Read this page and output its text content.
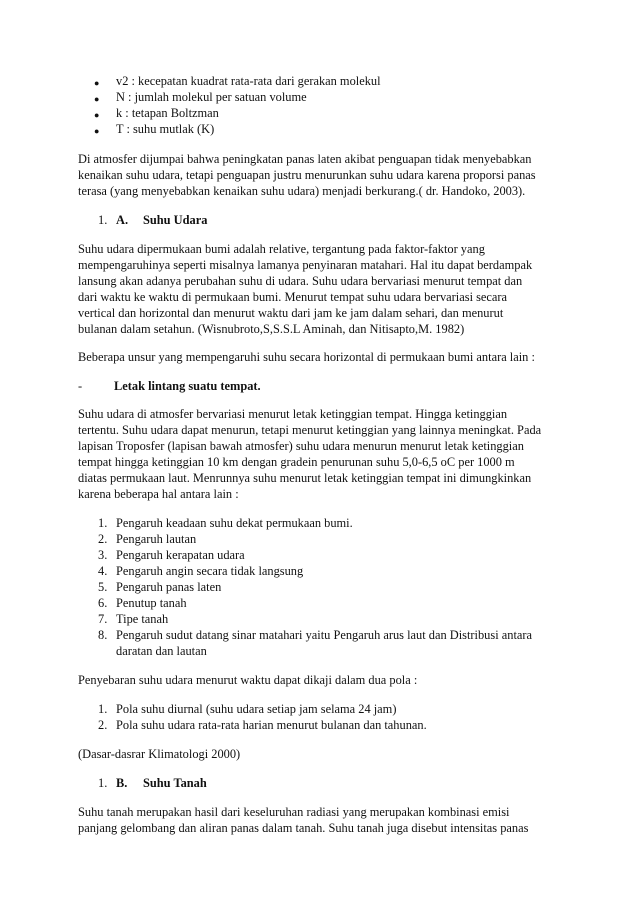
● v2 : kecepatan kuadrat rata-rata dari gerakan molekul
● N : jumlah molekul per satuan volume
● k : tetapan Boltzman
● T : suhu mutlak (K)
Di atmosfer dijumpai bahwa peningkatan panas laten akibat penguapan tidak menyebabkan
kenaikan suhu udara, tetapi penguapan justru menurunkan suhu udara karena proporsi panas
terasa (yang menyebabkan kenaikan suhu udara) menjadi berkurang.( dr. Handoko, 2003).
1. A. Suhu Udara
Suhu udara dipermukaan bumi adalah relative, tergantung pada faktor-faktor yang
mempengaruhinya seperti misalnya lamanya penyinaran matahari. Hal itu dapat berdampak
lansung akan adanya perubahan suhu di udara. Suhu udara bervariasi menurut tempat dan
dari waktu ke waktu di permukaan bumi. Menurut tempat suhu udara bervariasi secara
vertical dan horizontal dan menurut waktu dari jam ke jam dalam sehari, dan menurut
bulanan dalam setahun. (Wisnubroto,S,S.S.L Aminah, dan Nitisapto,M. 1982)
Beberapa unsur yang mempengaruhi suhu secara horizontal di permukaan bumi antara lain :
-	Letak lintang suatu tempat.
Suhu udara di atmosfer bervariasi menurut letak ketinggian tempat. Hingga ketinggian
tertentu. Suhu udara dapat menurun, tetapi menurut ketinggian yang lainnya meningkat. Pada
lapisan Troposfer (lapisan bawah atmosfer) suhu udara menurun menurut letak ketinggian
tempat hingga ketinggian 10 km dengan gradein penurunan suhu 5,0-6,5 oC per 1000 m
diatas permukaan laut. Menrunnya suhu menurut letak ketinggian tempat ini dimungkinkan
karena beberapa hal antara lain :
1. Pengaruh keadaan suhu dekat permukaan bumi.
2. Pengaruh lautan
3. Pengaruh kerapatan udara
4. Pengaruh angin secara tidak langsung
5. Pengaruh panas laten
6. Penutup tanah
7. Tipe tanah
8. Pengaruh sudut datang sinar matahari yaitu Pengaruh arus laut dan Distribusi antara
daratan dan lautan
Penyebaran suhu udara menurut waktu dapat dikaji dalam dua pola :
1. Pola suhu diurnal (suhu udara setiap jam selama 24 jam)
2. Pola suhu udara rata-rata harian menurut bulanan dan tahunan.
(Dasar-dasrar Klimatologi 2000)
1. B. Suhu Tanah
Suhu tanah merupakan hasil dari keseluruhan radiasi yang merupakan kombinasi emisi
panjang gelombang dan aliran panas dalam tanah. Suhu tanah juga disebut intensitas panas
